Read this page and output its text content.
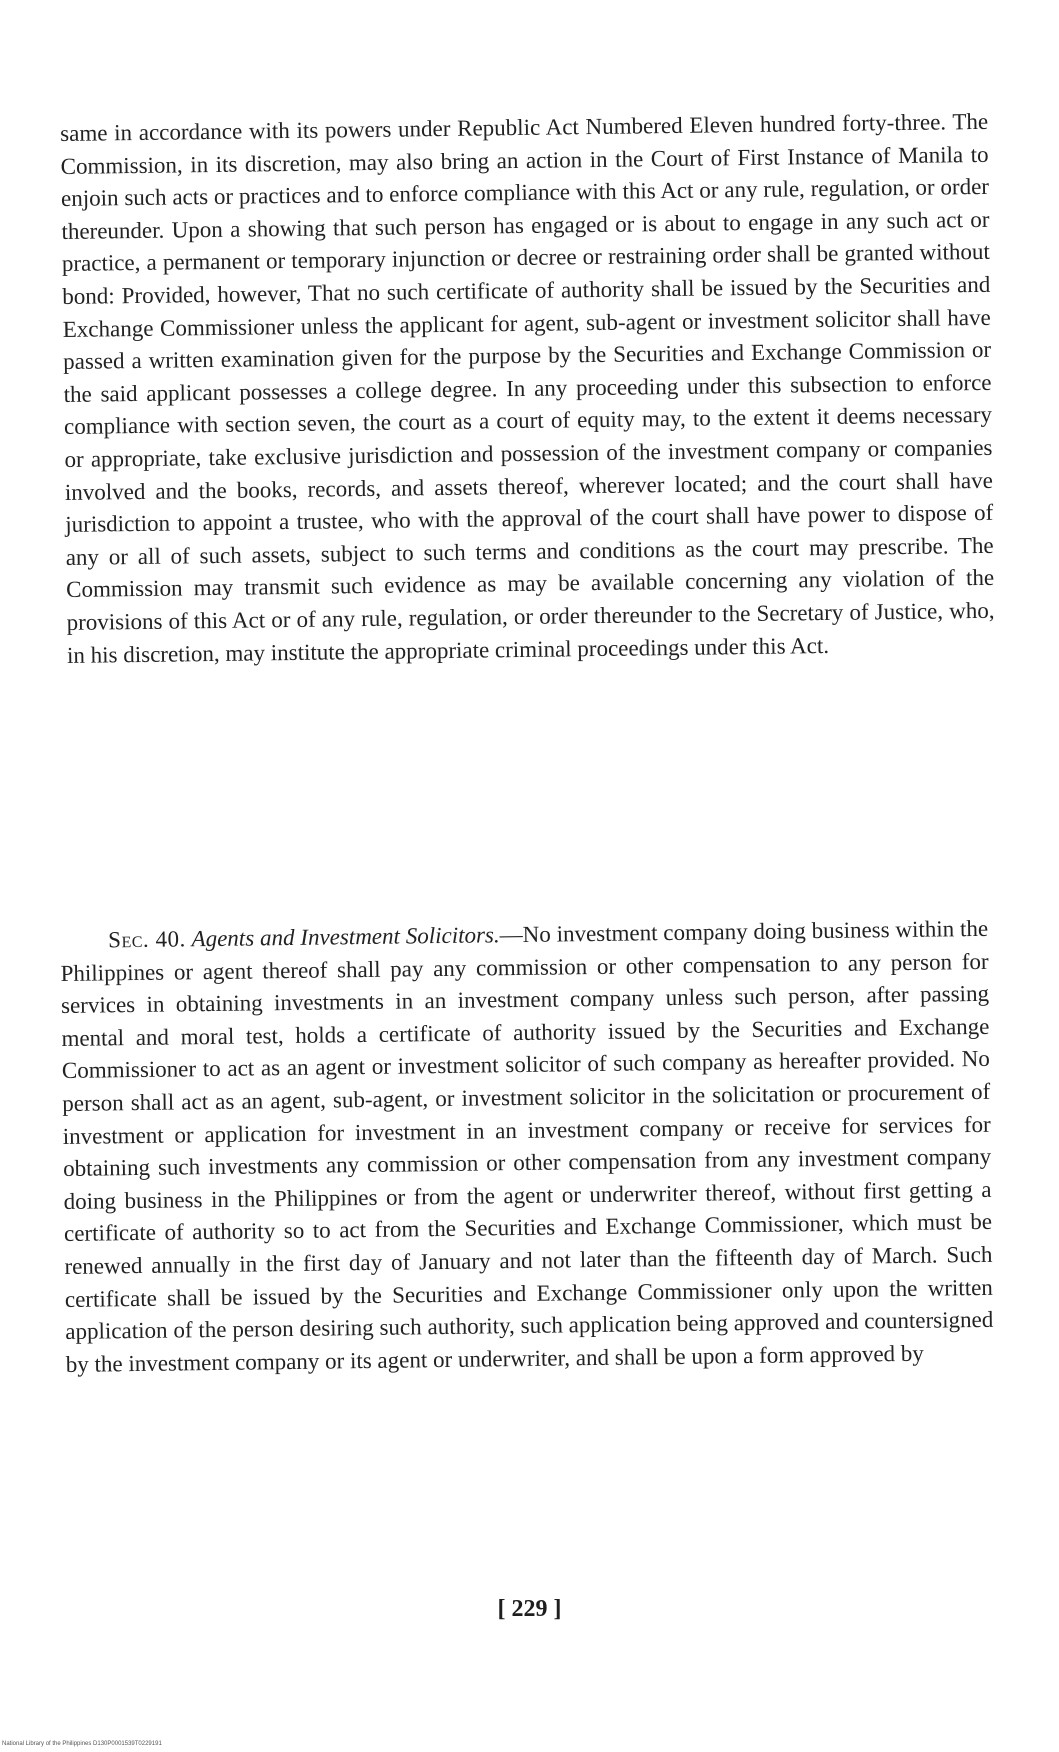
same in accordance with its powers under Republic Act Numbered Eleven hundred forty-three. The Commission, in its discretion, may also bring an action in the Court of First Instance of Manila to enjoin such acts or practices and to enforce compliance with this Act or any rule, regulation, or order thereunder. Upon a showing that such person has engaged or is about to engage in any such act or practice, a permanent or temporary injunction or decree or restraining order shall be granted without bond: Provided, however, That no such certificate of authority shall be issued by the Securities and Exchange Commissioner unless the applicant for agent, sub-agent or investment solicitor shall have passed a written examination given for the purpose by the Securities and Exchange Commission or the said applicant possesses a college degree. In any proceeding under this subsection to enforce compliance with section seven, the court as a court of equity may, to the extent it deems necessary or appropriate, take exclusive jurisdiction and possession of the investment company or companies involved and the books, records, and assets thereof, wherever located; and the court shall have jurisdiction to appoint a trustee, who with the approval of the court shall have power to dispose of any or all of such assets, subject to such terms and conditions as the court may prescribe. The Commission may transmit such evidence as may be available concerning any violation of the provisions of this Act or of any rule, regulation, or order thereunder to the Secretary of Justice, who, in his discretion, may institute the appropriate criminal proceedings under this Act.

Sec. 40. Agents and Investment Solicitors.—No investment company doing business within the Philippines or agent thereof shall pay any commission or other compensation to any person for services in obtaining investments in an investment company unless such person, after passing mental and moral test, holds a certificate of authority issued by the Securities and Exchange Commissioner to act as an agent or investment solicitor of such company as hereafter provided. No person shall act as an agent, sub-agent, or investment solicitor in the solicitation or procurement of investment or application for investment in an investment company or receive for services for obtaining such investments any commission or other compensation from any investment company doing business in the Philippines or from the agent or underwriter thereof, without first getting a certificate of authority so to act from the Securities and Exchange Commissioner, which must be renewed annually in the first day of January and not later than the fifteenth day of March. Such certificate shall be issued by the Securities and Exchange Commissioner only upon the written application of the person desiring such authority, such application being approved and countersigned by the investment company or its agent or underwriter, and shall be upon a form approved by

[ 229 ]
National Library of the Philippines D130P0001539T0229191
